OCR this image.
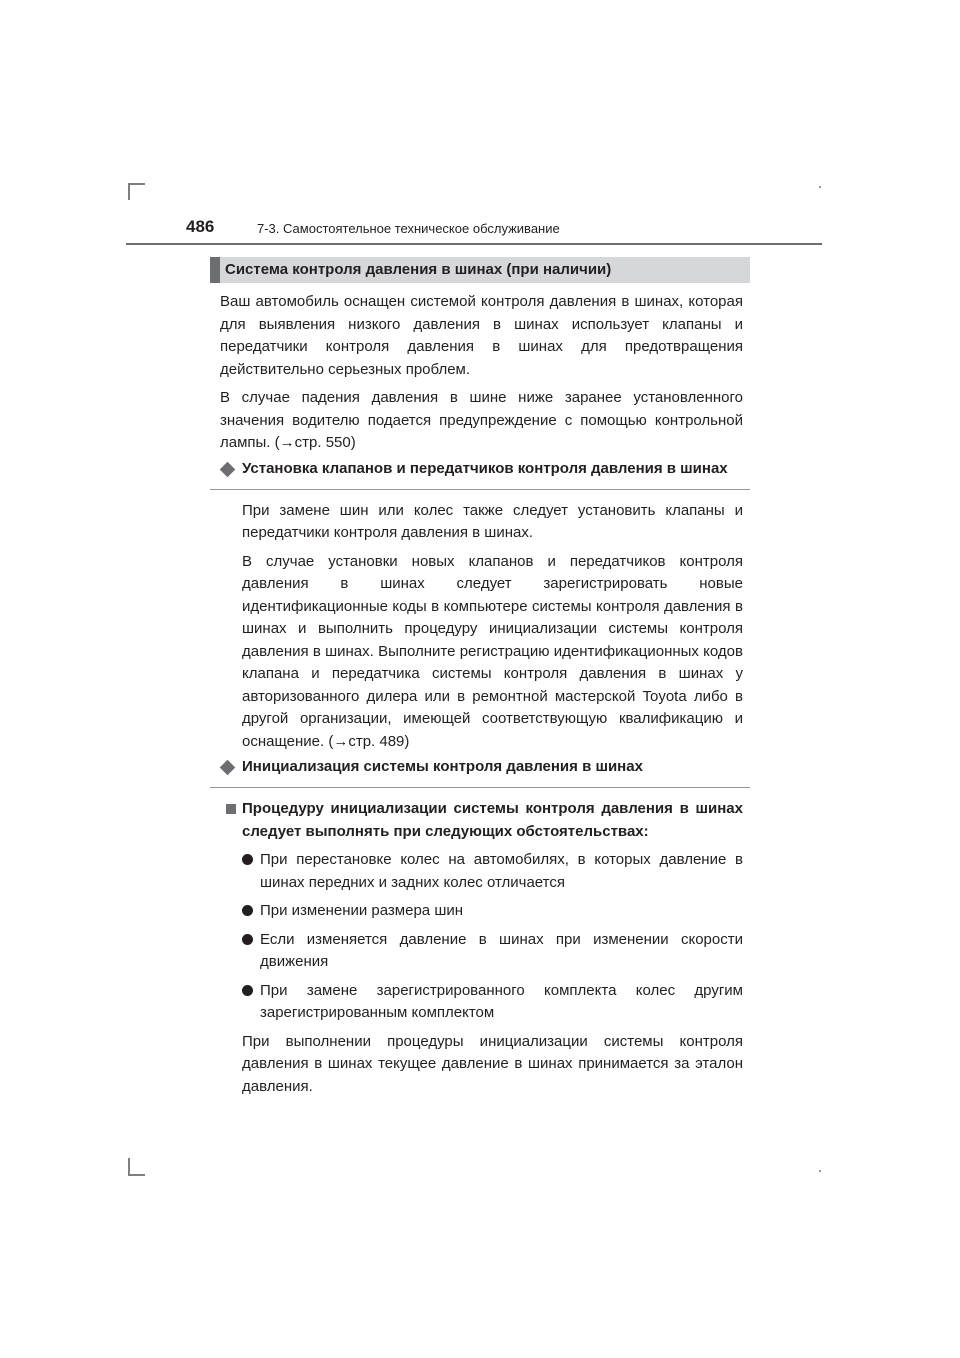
486	7-3. Самостоятельное техническое обслуживание
Система контроля давления в шинах (при наличии)

Ваш автомобиль оснащен системой контроля давления в шинах, которая для выявления низкого давления в шинах использует клапаны и передатчики контроля давления в шинах для предотвращения действительно серьезных проблем.

В случае падения давления в шине ниже заранее установленного значения водителю подается предупреждение с помощью контрольной лампы. (→стр. 550)

Установка клапанов и передатчиков контроля давления в шинах

При замене шин или колес также следует установить клапаны и передатчики контроля давления в шинах.

В случае установки новых клапанов и передатчиков контроля давления в шинах следует зарегистрировать новые идентификационные коды в компьютере системы контроля давления в шинах и выполнить процедуру инициализации системы контроля давления в шинах. Выполните регистрацию идентификационных кодов клапана и передатчика системы контроля давления в шинах у авторизованного дилера или в ремонтной мастерской Toyota либо в другой организации, имеющей соответствующую квалификацию и оснащение. (→стр. 489)

Инициализация системы контроля давления в шинах

Процедуру инициализации системы контроля давления в шинах следует выполнять при следующих обстоятельствах:

При перестановке колес на автомобилях, в которых давление в шинах передних и задних колес отличается

При изменении размера шин

Если изменяется давление в шинах при изменении скорости движения

При замене зарегистрированного комплекта колес другим зарегистрированным комплектом

При выполнении процедуры инициализации системы контроля давления в шинах текущее давление в шинах принимается за эталон давления.
